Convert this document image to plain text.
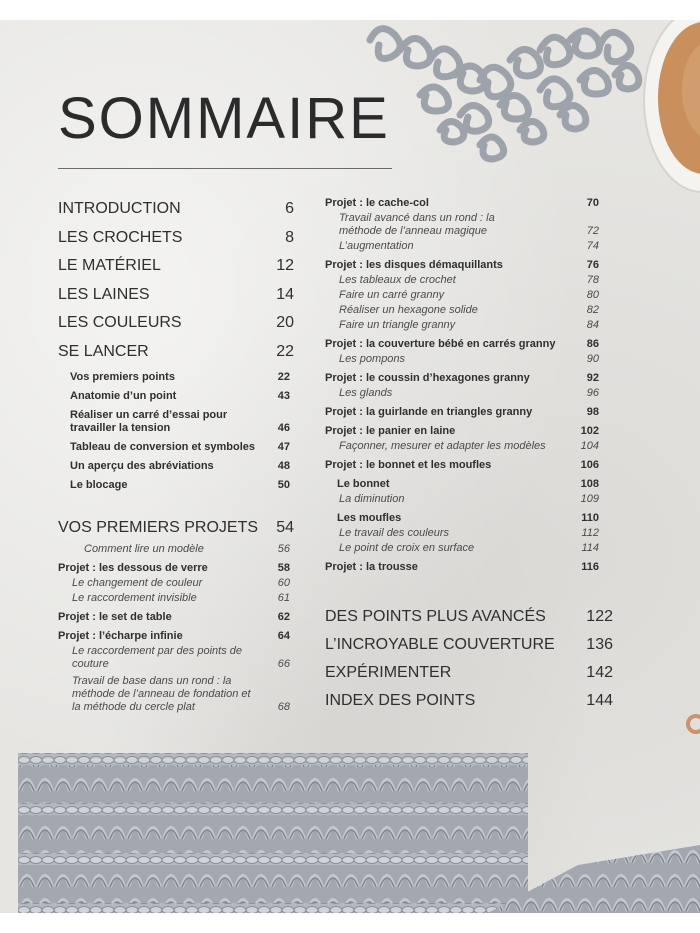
SOMMAIRE
INTRODUCTION	6
LES CROCHETS	8
LE MATÉRIEL	12
LES LAINES	14
LES COULEURS	20
SE LANCER	22
Vos premiers points	22
Anatomie d’un point	43
Réaliser un carré d’essai pour travailler la tension	46
Tableau de conversion et symboles	47
Un aperçu des abréviations	48
Le blocage	50
VOS PREMIERS PROJETS 54
Comment lire un modèle	56
Projet : les dessous de verre	58
Le changement de couleur	60
Le raccordement invisible	61
Projet : le set de table	62
Projet : l’écharpe infinie	64
Le raccordement par des points de couture	66
Travail de base dans un rond : la méthode de l’anneau de fondation et la méthode du cercle plat	68
Projet : le cache-col	70
Travail avancé dans un rond : la méthode de l’anneau magique	72
L’augmentation	74
Projet : les disques démaquillants	76
Les tableaux de crochet	78
Faire un carré granny	80
Réaliser un hexagone solide	82
Faire un triangle granny	84
Projet : la couverture bébé en carrés granny	86
Les pompons	90
Projet : le coussin d’hexagones granny	92
Les glands	96
Projet : la guirlande en triangles granny	98
Projet : le panier en laine	102
Façonner, mesurer et adapter les modèles	104
Projet : le bonnet et les moufles	106
Le bonnet	108
La diminution	109
Les moufles	110
Le travail des couleurs	112
Le point de croix en surface	114
Projet : la trousse	116
DES POINTS PLUS AVANCÉS	122
L’INCROYABLE COUVERTURE 136
EXPÉRIMENTER	142
INDEX DES POINTS	144
